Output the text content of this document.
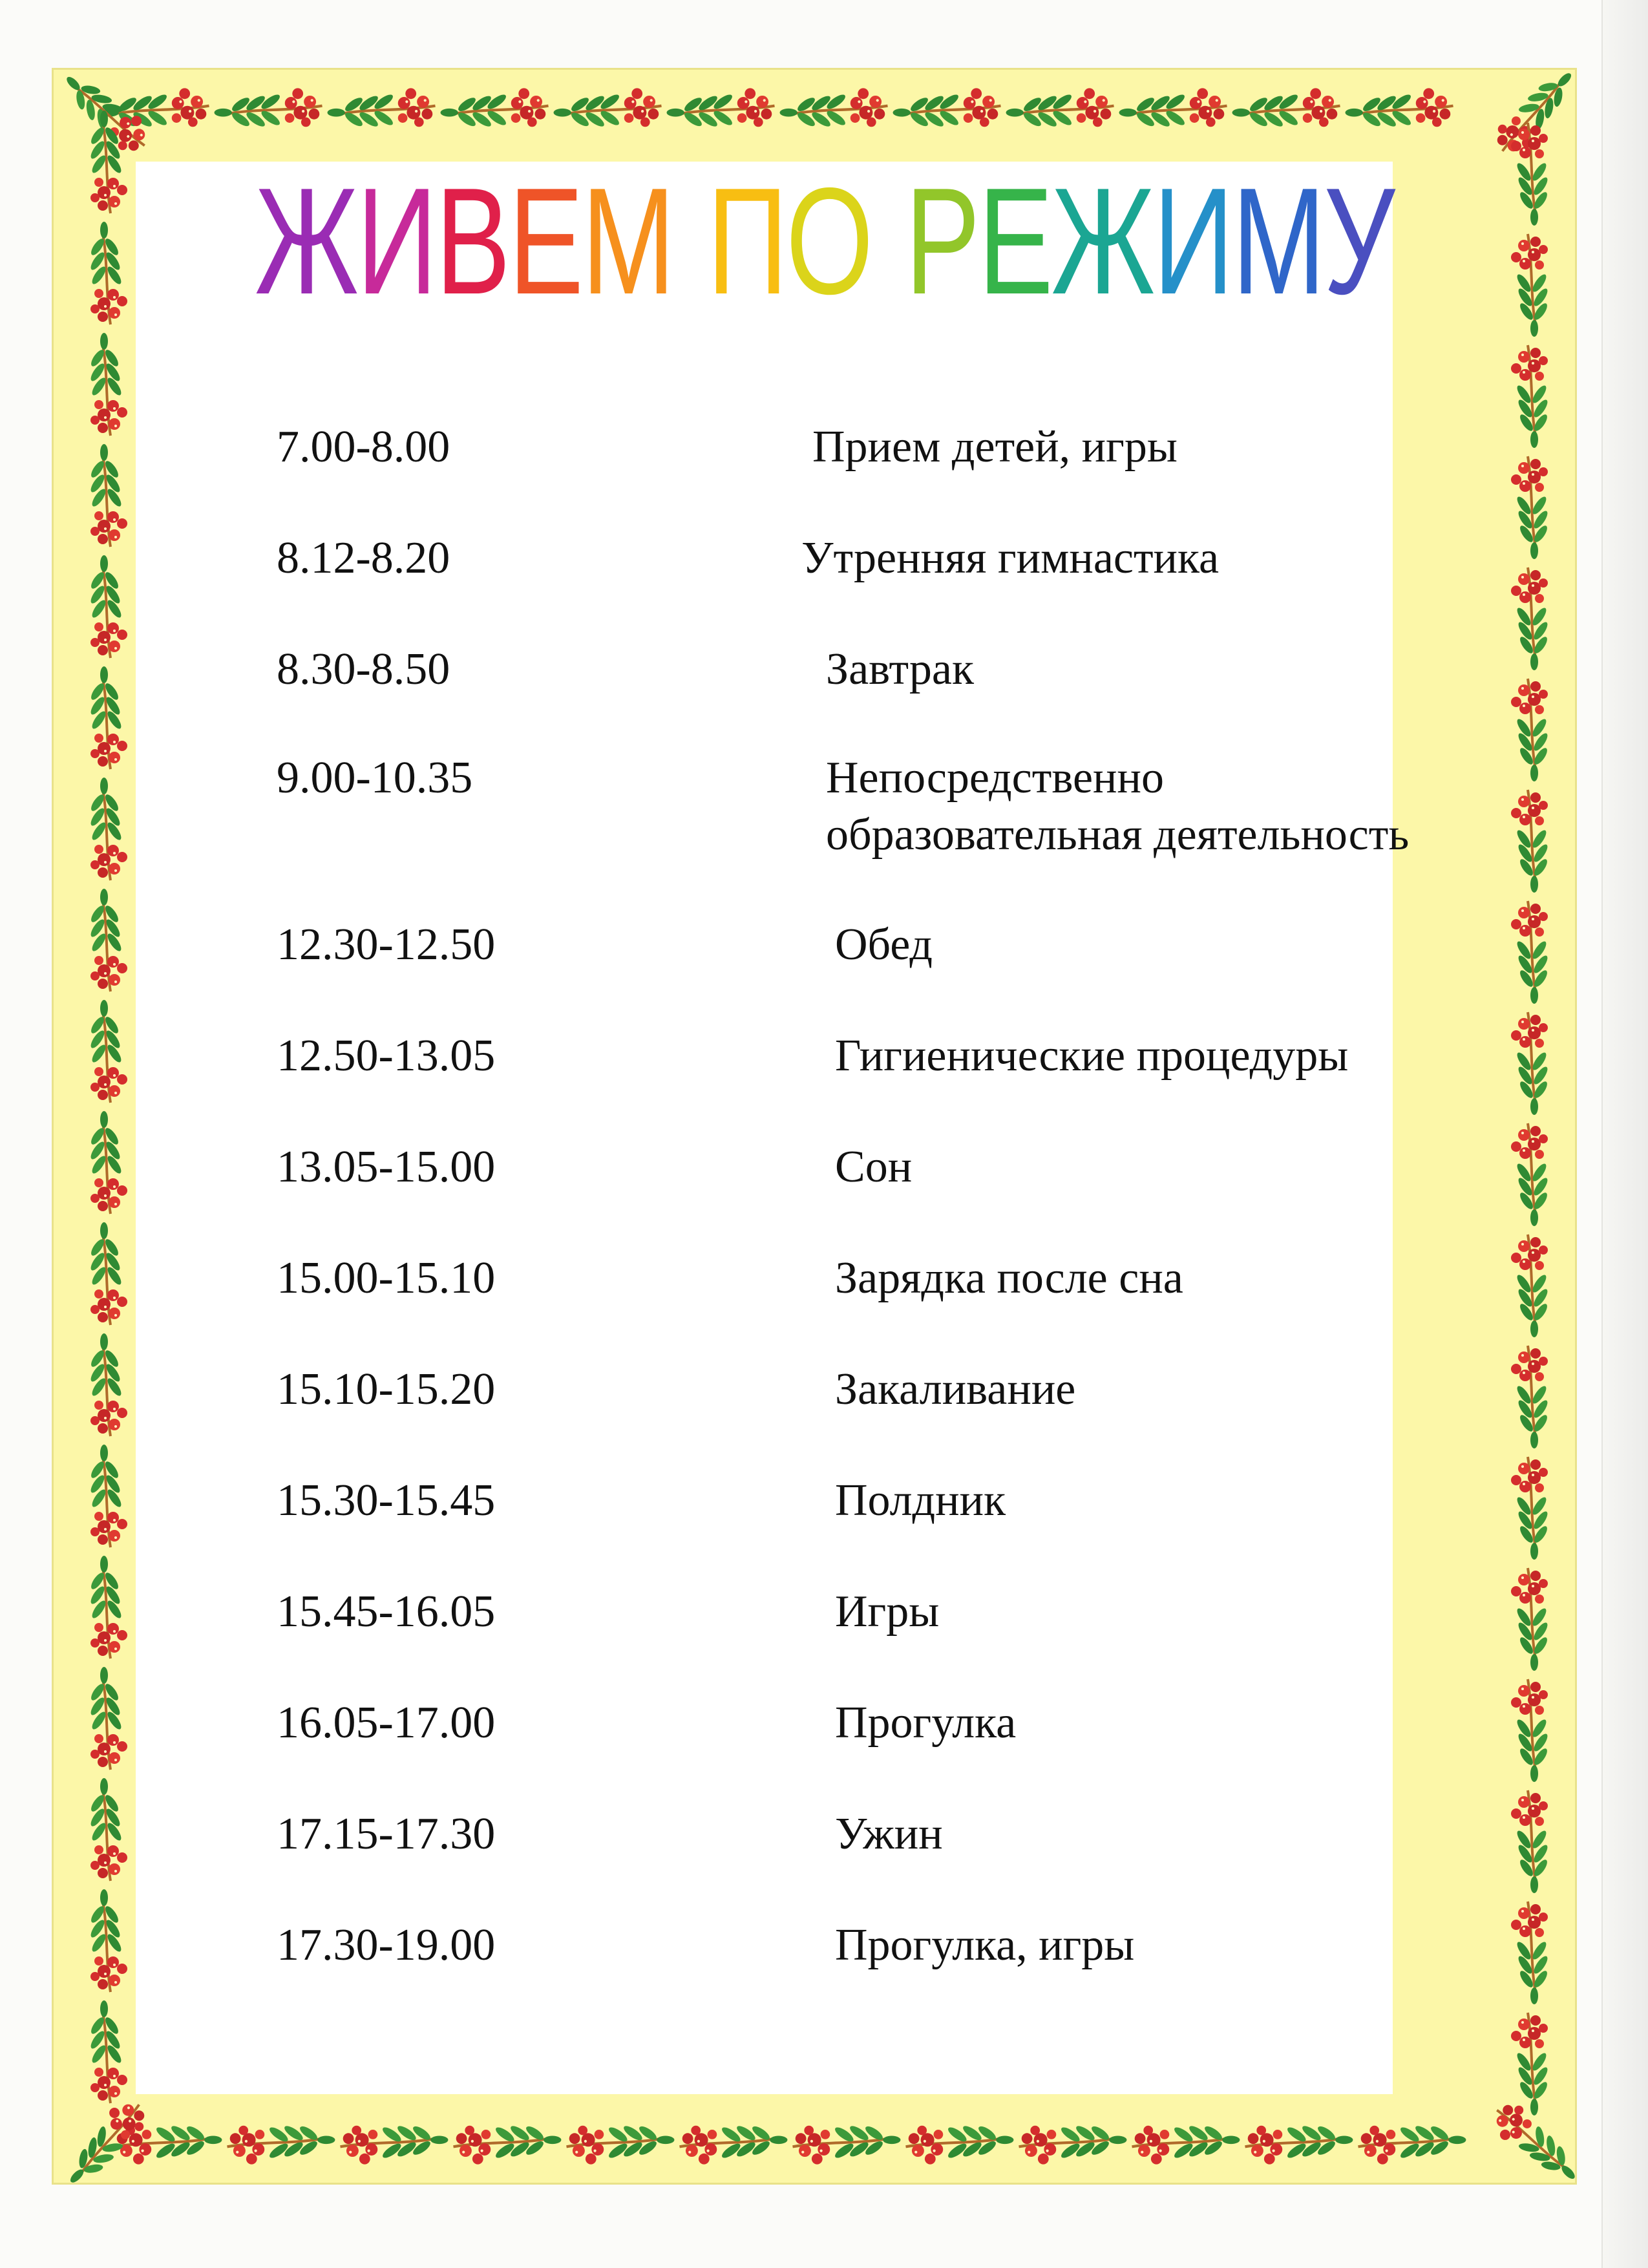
ЖИВЕМ ПО РЕЖИМУ
7.00-8.00	Прием детей, игры
8.12-8.20	Утренняя гимнастика
8.30-8.50	Завтрак
9.00-10.35	Непосредственно образовательная деятельность
12.30-12.50	Обед
12.50-13.05	Гигиенические процедуры
13.05-15.00	Сон
15.00-15.10	Зарядка после сна
15.10-15.20	Закаливание
15.30-15.45	Полдник
15.45-16.05	Игры
16.05-17.00	Прогулка
17.15-17.30	Ужин
17.30-19.00	Прогулка, игры
